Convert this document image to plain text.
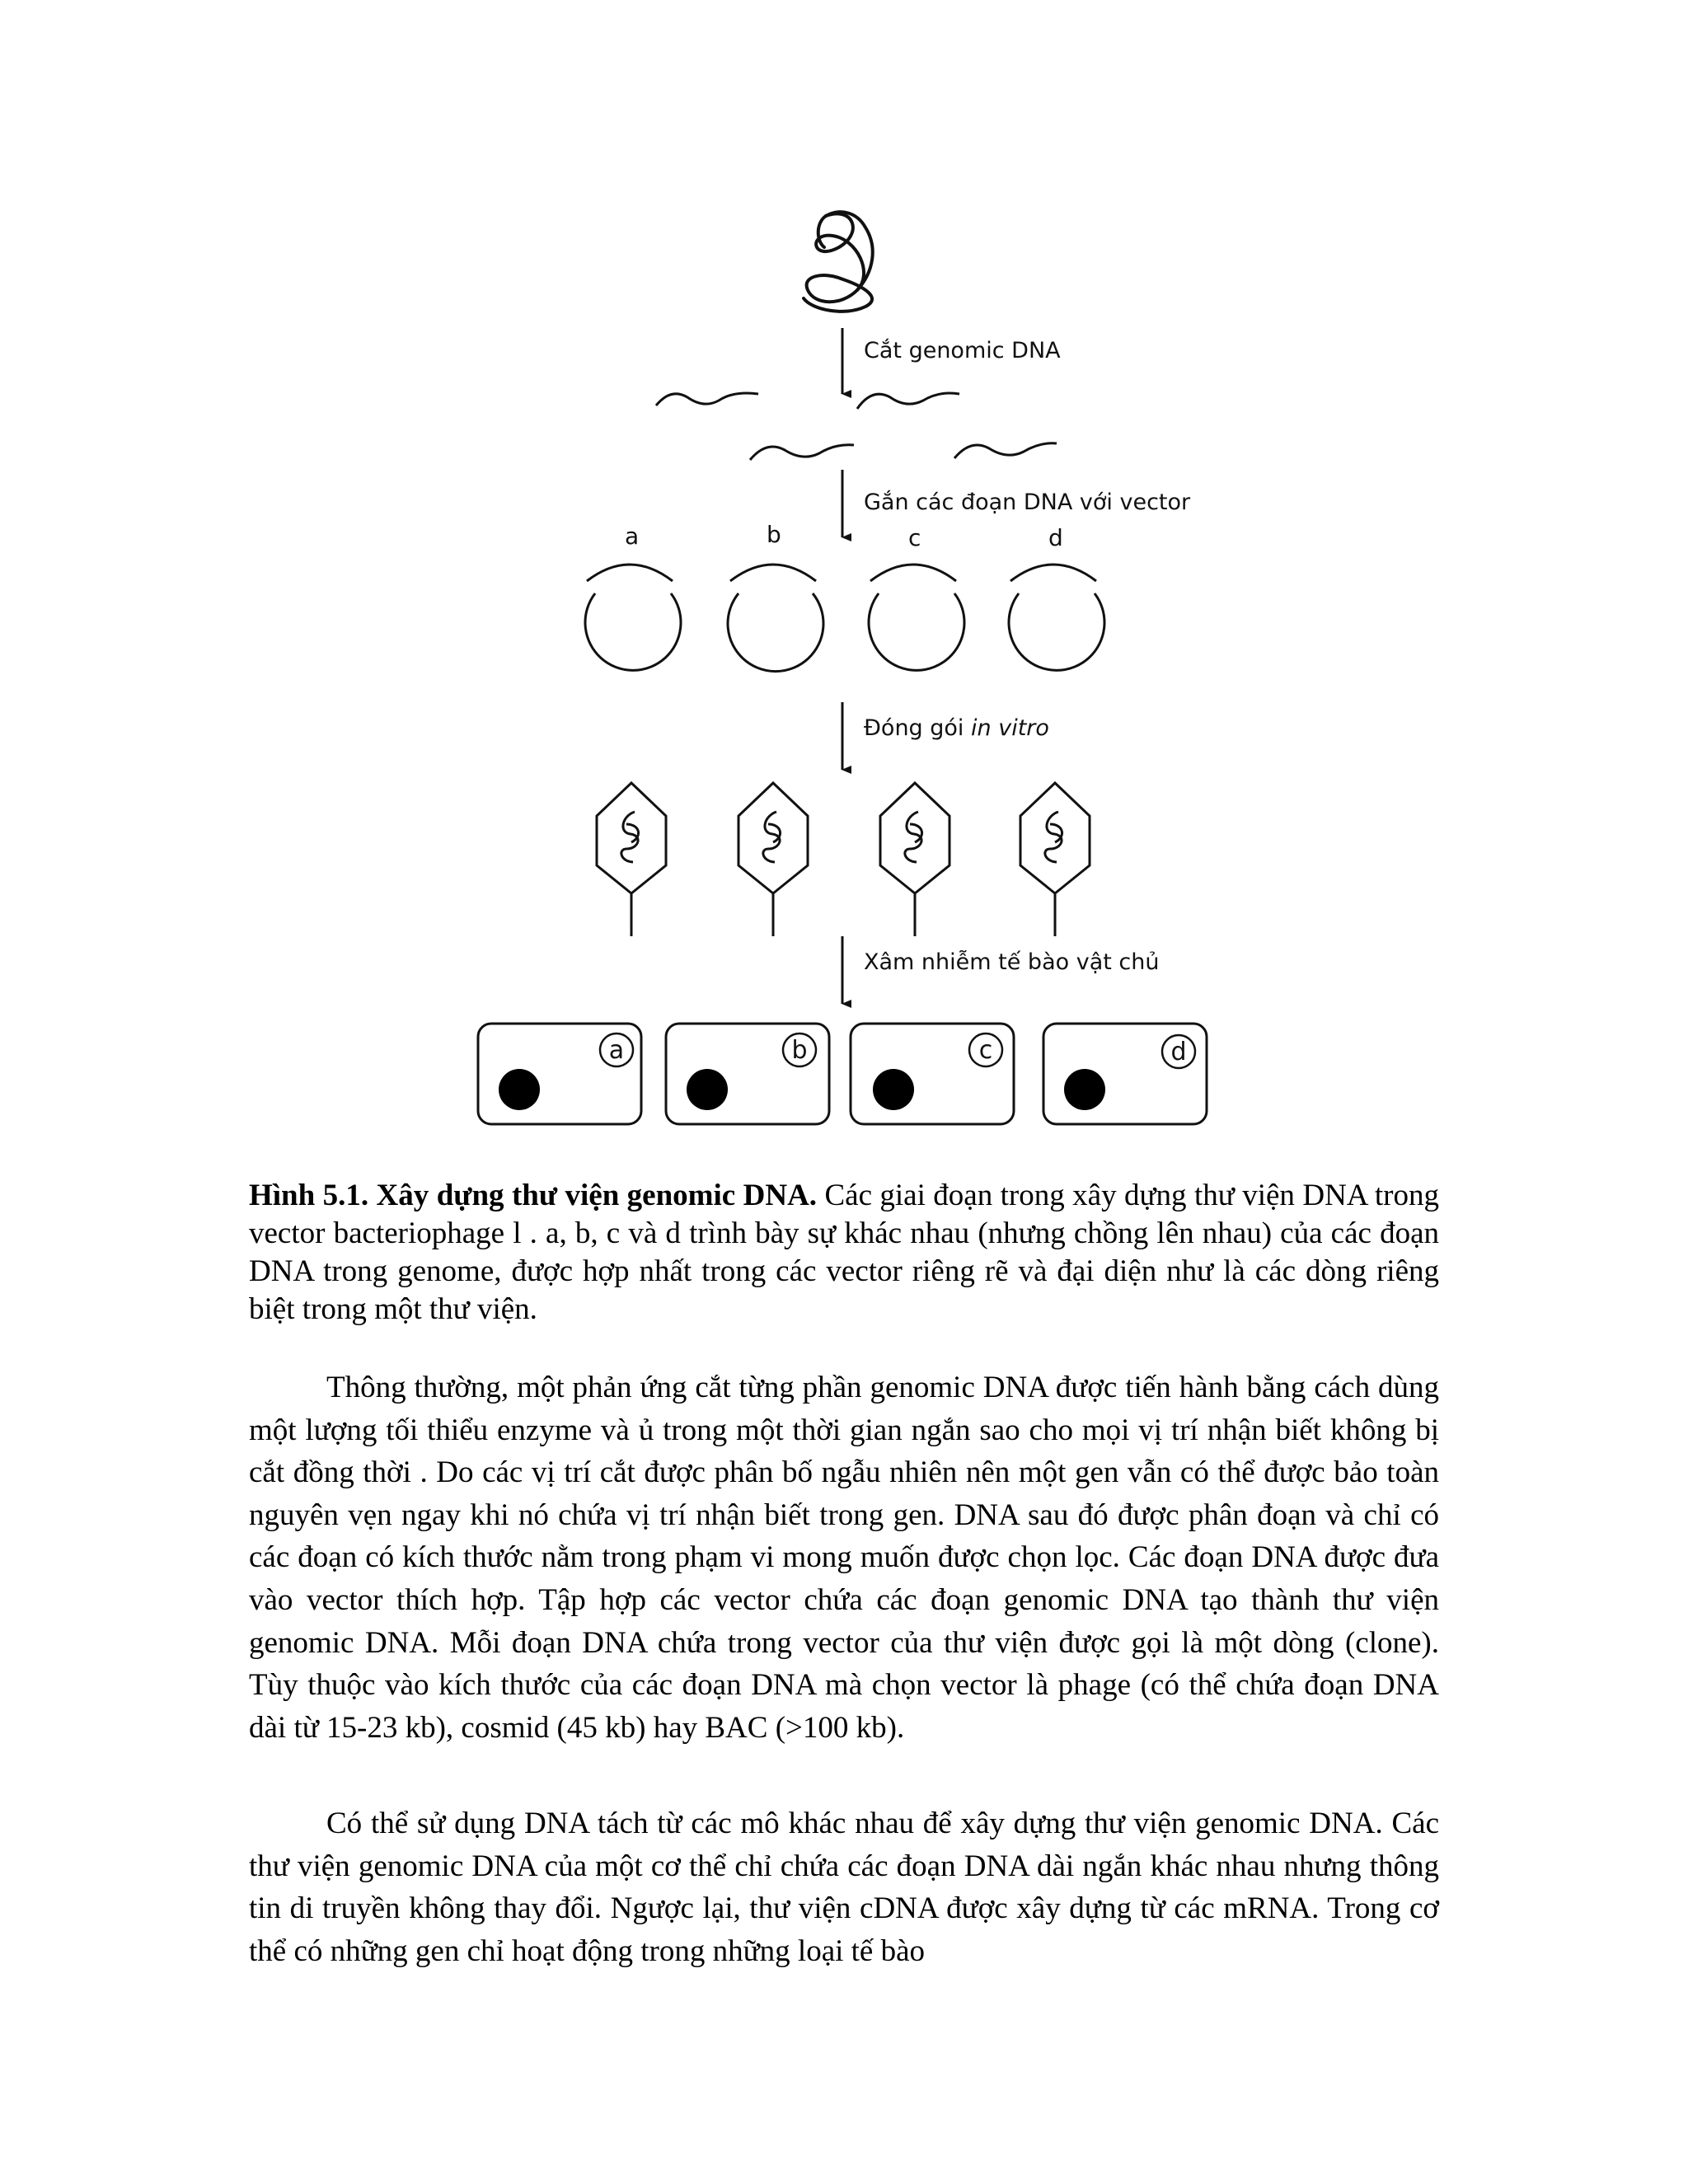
Cắt genomic DNA
Gắn các đoạn DNA với vector
Đóng gói in vitro
Xâm nhiễm tế bào vật chủ
a	b	c	d
a	b	c	d

Hình 5.1. Xây dựng thư viện genomic DNA. Các giai đoạn trong xây dựng thư viện DNA trong vector bacteriophage l . a, b, c và d trình bày sự khác nhau (nhưng chồng lên nhau) của các đoạn DNA trong genome, được hợp nhất trong các vector riêng rẽ và đại diện như là các dòng riêng biệt trong một thư viện.

Thông thường, một phản ứng cắt từng phần genomic DNA được tiến hành bằng cách dùng một lượng tối thiểu enzyme và ủ trong một thời gian ngắn sao cho mọi vị trí nhận biết không bị cắt đồng thời . Do các vị trí cắt được phân bố ngẫu nhiên nên một gen vẫn có thể được bảo toàn nguyên vẹn ngay khi nó chứa vị trí nhận biết trong gen. DNA sau đó được phân đoạn và chỉ có các đoạn có kích thước nằm trong phạm vi mong muốn được chọn lọc. Các đoạn DNA được đưa vào vector thích hợp. Tập hợp các vector chứa các đoạn genomic DNA tạo thành thư viện genomic DNA. Mỗi đoạn DNA chứa trong vector của thư viện được gọi là một dòng (clone). Tùy thuộc vào kích thước của các đoạn DNA mà chọn vector là phage (có thể chứa đoạn DNA dài từ 15-23 kb), cosmid (45 kb) hay BAC (>100 kb).

Có thể sử dụng DNA tách từ các mô khác nhau để xây dựng thư viện genomic DNA. Các thư viện genomic DNA của một cơ thể chỉ chứa các đoạn DNA dài ngắn khác nhau nhưng thông tin di truyền không thay đổi. Ngược lại, thư viện cDNA được xây dựng từ các mRNA. Trong cơ thể có những gen chỉ hoạt động trong những loại tế bào
